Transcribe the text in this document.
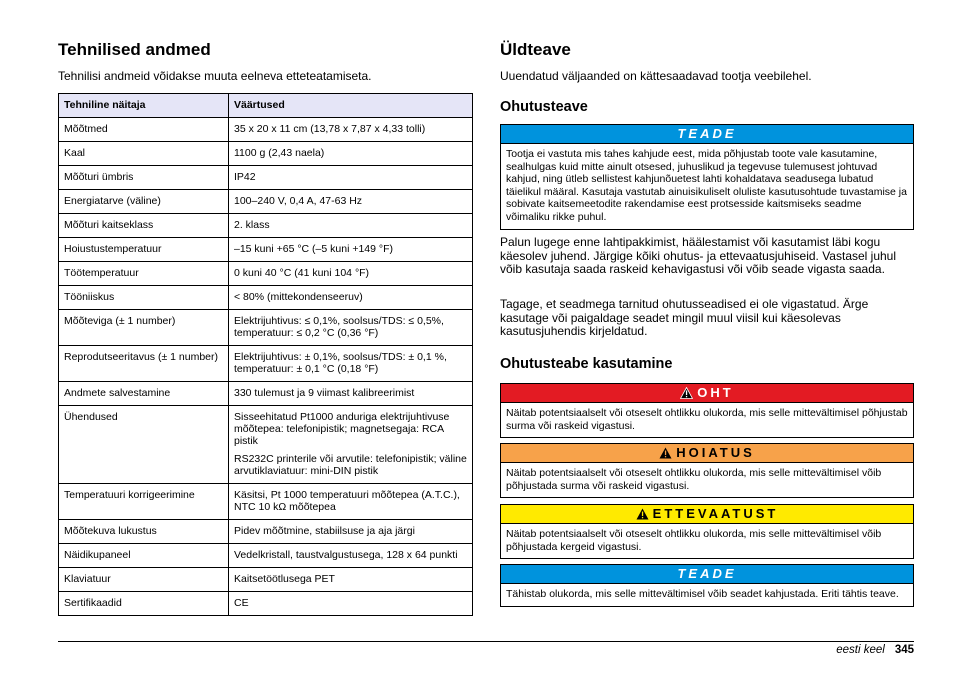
Tehnilised andmed

Tehnilisi andmeid võidakse muuta eelneva etteteatamiseta.

Tehniline näitaja	Väärtused
Mõõtmed	35 x 20 x 11 cm (13,78 x 7,87 x 4,33 tolli)

Kaal	1100 g (2,43 naela)

Mõõturi ümbris	IP42

Energiatarve (väline)	100–240 V, 0,4 A, 47-63 Hz

Mõõturi kaitseklass	2. klass

Hoiustustemperatuur	–15 kuni +65 °C (–5 kuni +149 °F)

Töötemperatuur	0 kuni 40 °C (41 kuni 104 °F)

Tööniiskus	< 80% (mittekondenseeruv)

Mõõteviga (± 1 number)	Elektrijuhtivus: ≤ 0,1%, soolsus/TDS: ≤ 0,5%, temperatuur: ≤ 0,2 °C (0,36 °F)

Reprodutseeritavus (± 1 number)	Elektrijuhtivus: ± 0,1%, soolsus/TDS: ± 0,1 %, temperatuur: ± 0,1 °C (0,18 °F)

Andmete salvestamine	330 tulemust ja 9 viimast kalibreerimist

Ühendused	Sisseehitatud Pt1000 anduriga elektrijuhtivuse mõõtepea: telefonipistik; magnetsegaja: RCA pistik

RS232C printerile või arvutile: telefonipistik; väline arvutiklaviatuur: mini-DIN pistik

Temperatuuri korrigeerimine	Käsitsi, Pt 1000 temperatuuri mõõtepea (A.T.C.), NTC 10 kΩ mõõtepea

Mõõtekuva lukustus	Pidev mõõtmine, stabiilsuse ja aja järgi

Näidikupaneel	Vedelkristall, taustvalgustusega, 128 x 64 punkti

Klaviatuur	Kaitsetöötlusega PET

Sertifikaadid	CE

Üldteave

Uuendatud väljaanded on kättesaadavad tootja veebilehel.

Ohutusteave
TEADE
Tootja ei vastuta mis tahes kahjude eest, mida põhjustab toote vale kasutamine, sealhulgas kuid mitte ainult otsesed, juhuslikud ja tegevuse tulemusest johtuvad kahjud, ning ütleb sellistest kahjunõuetest lahti kohaldatava seadusega lubatud täielikul määral. Kasutaja vastutab ainuisikuliselt oluliste kasutusohtude tuvastamise ja sobivate kaitsemeetodite rakendamise eest protsesside kaitsmiseks seadme võimaliku rikke puhul.

Palun lugege enne lahtipakkimist, häälestamist või kasutamist läbi kogu käesolev juhend. Järgige kõiki ohutus- ja ettevaatusjuhiseid. Vastasel juhul võib kasutaja saada raskeid kehavigastusi või võib seade vigasta saada.

Tagage, et seadmega tarnitud ohutusseadised ei ole vigastatud. Ärge kasutage või paigaldage seadet mingil muul viisil kui käesolevas kasutusjuhendis kirjeldatud.

Ohutusteabe kasutamine
OHT
Näitab potentsiaalselt või otseselt ohtlikku olukorda, mis selle mittevältimisel põhjustab surma või raskeid vigastusi.
HOIATUS
Näitab potentsiaalselt või otseselt ohtlikku olukorda, mis selle mittevältimisel võib põhjustada surma või raskeid vigastusi.
ETTEVAATUST
Näitab potentsiaalselt või otseselt ohtlikku olukorda, mis selle mittevältimisel võib põhjustada kergeid vigastusi.
TEADE
Tähistab olukorda, mis selle mittevältimisel võib seadet kahjustada. Eriti tähtis teave.
eesti keel 345
